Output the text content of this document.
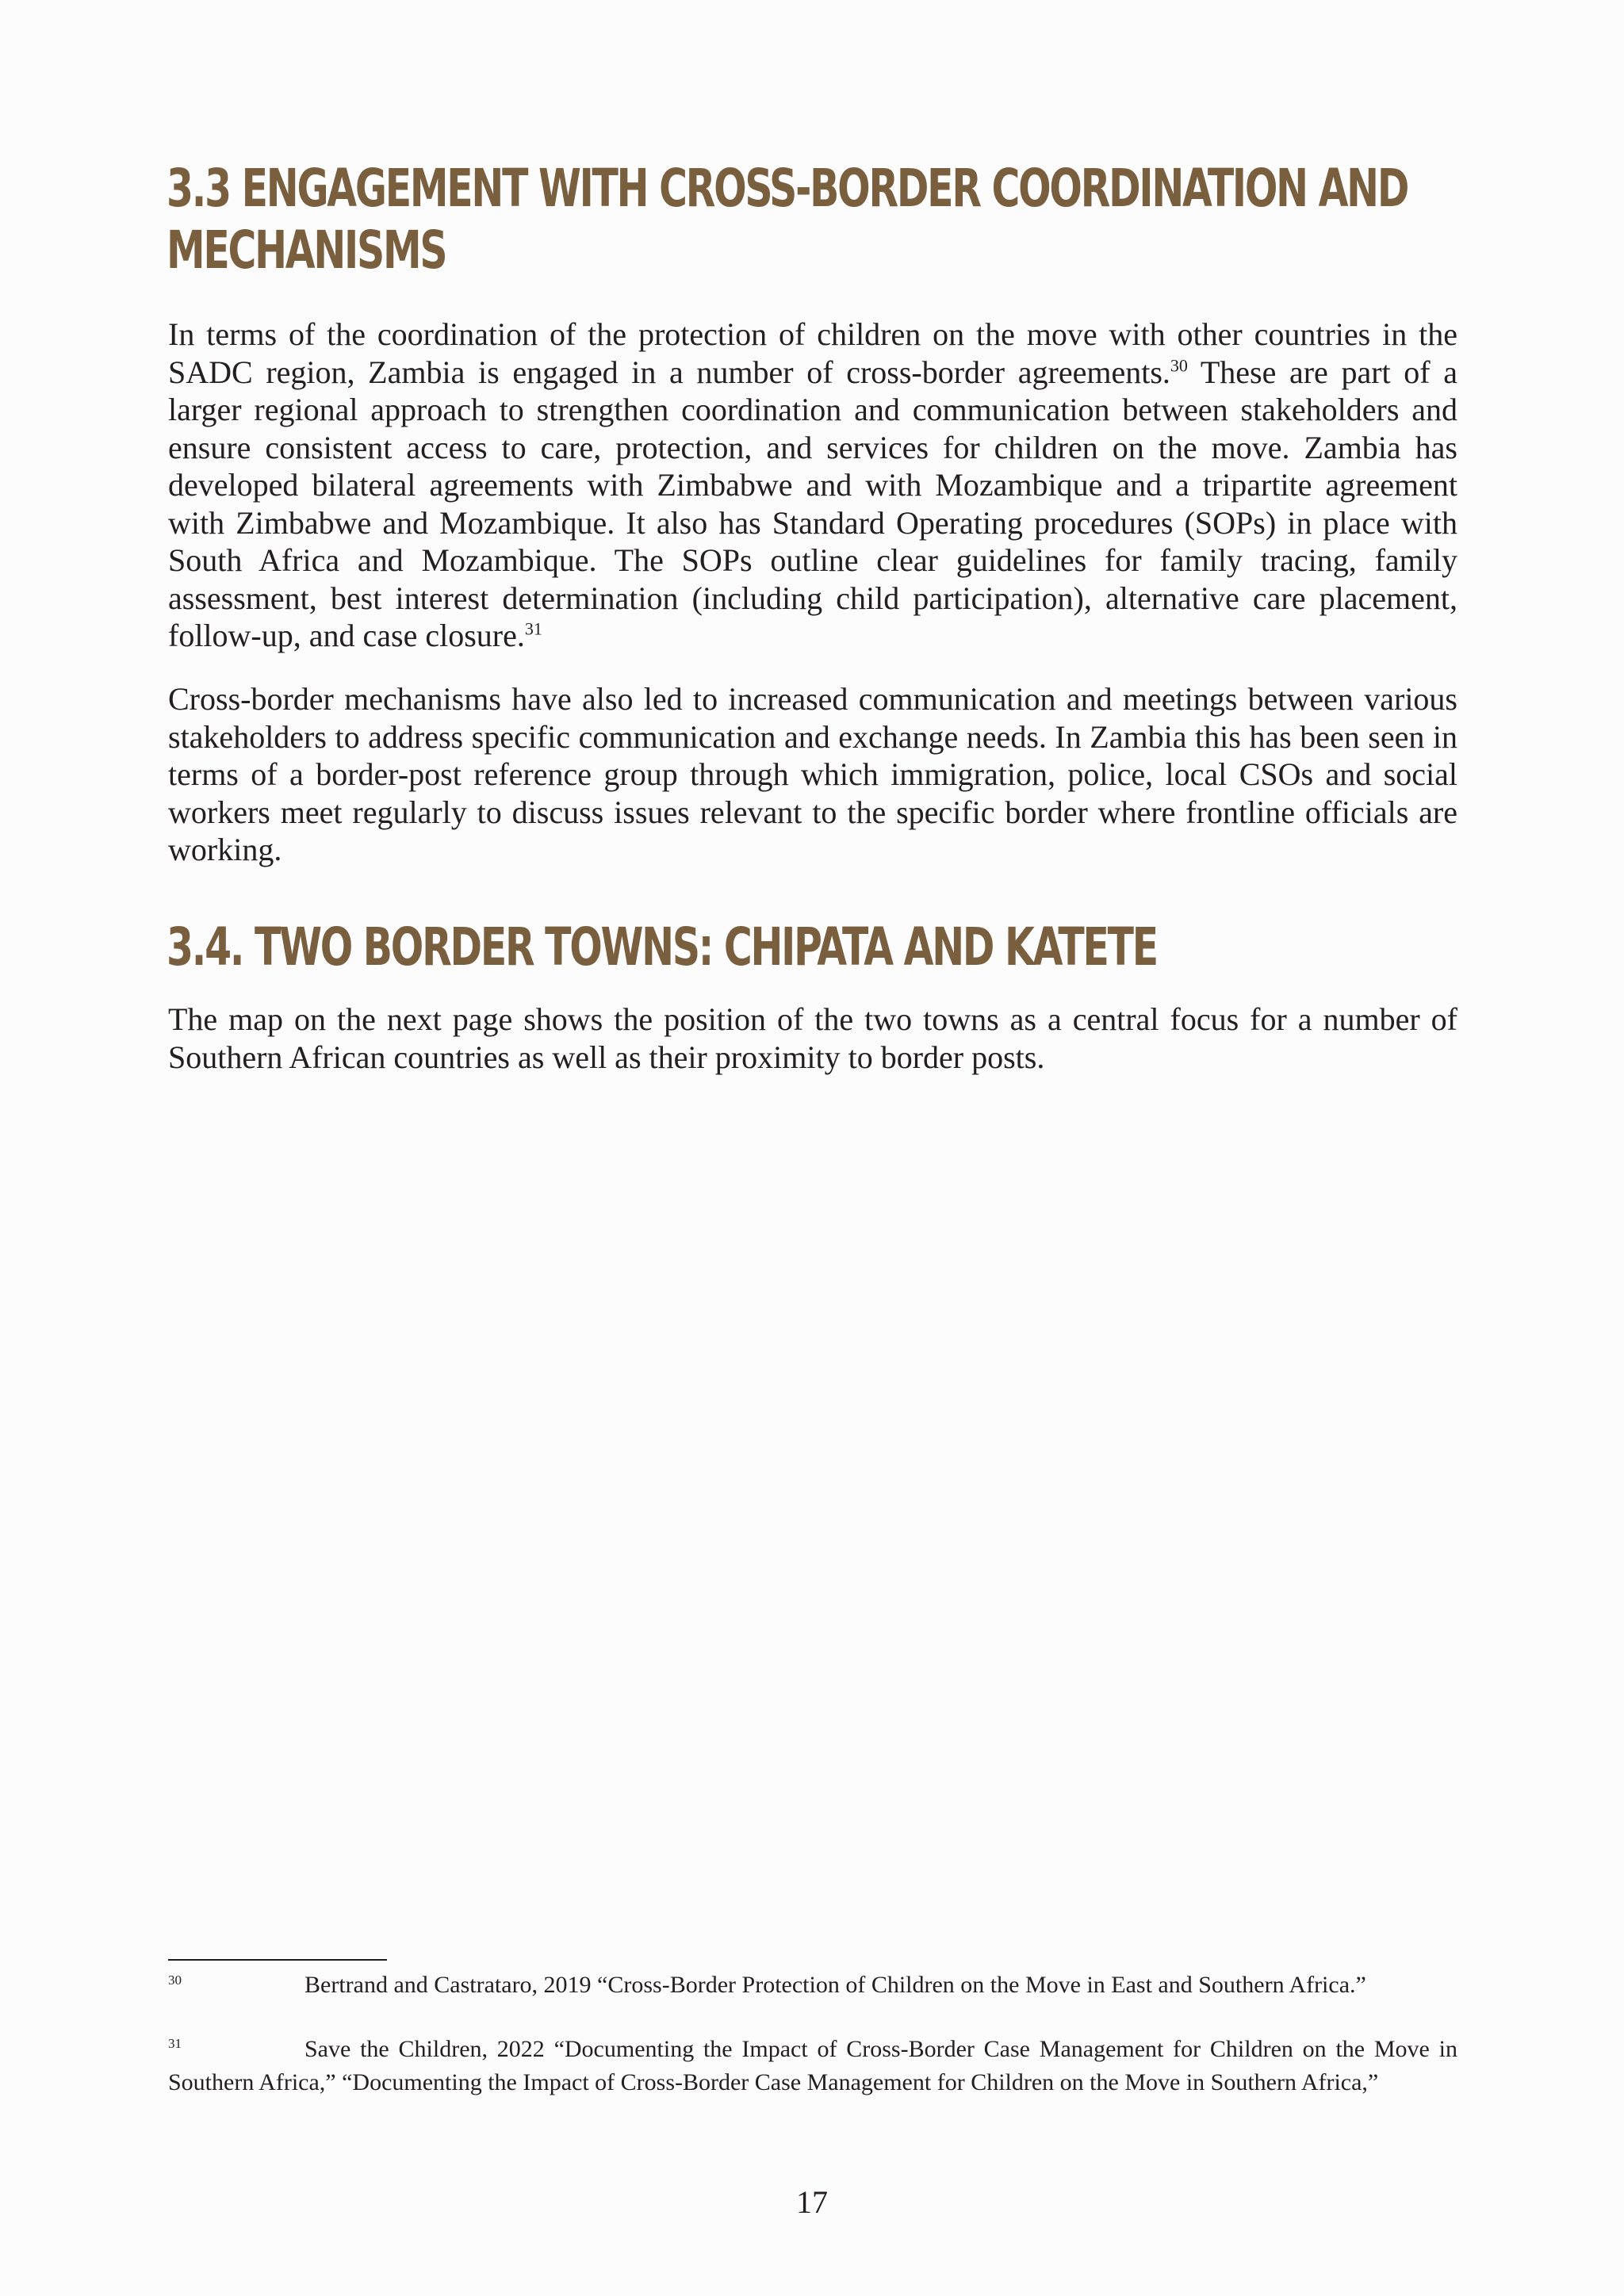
3.3 ENGAGEMENT WITH CROSS-BORDER COORDINATION AND
MECHANISMS

In terms of the coordination of the protection of children on the move with other countries in the SADC region, Zambia is engaged in a number of cross-border agreements.$^{30}$ These are part of a larger regional approach to strengthen coordination and communication between stakeholders and ensure consistent access to care, protection, and services for children on the move. Zambia has developed bilateral agreements with Zimbabwe and with Mozambique and a tripartite agreement with Zimbabwe and Mozambique. It also has Standard Operating procedures (SOPs) in place with South Africa and Mozambique. The SOPs outline clear guidelines for family tracing, family assessment, best interest determination (including child participation), alternative care placement, follow-up, and case closure.$^{31}$

Cross-border mechanisms have also led to increased communication and meetings between various stakeholders to address specific communication and exchange needs. In Zambia this has been seen in terms of a border-post reference group through which immigration, police, local CSOs and social workers meet regularly to discuss issues relevant to the specific border where frontline officials are working.

3.4. TWO BORDER TOWNS: CHIPATA AND KATETE

The map on the next page shows the position of the two towns as a central focus for a number of Southern African countries as well as their proximity to border posts.

30	Bertrand and Castrataro, 2019 “Cross-Border Protection of Children on the Move in East and Southern Africa.”

31	Save the Children, 2022 “Documenting the Impact of Cross-Border Case Management for Children on the Move in Southern Africa,” “Documenting the Impact of Cross-Border Case Management for Children on the Move in Southern Africa,”

17
